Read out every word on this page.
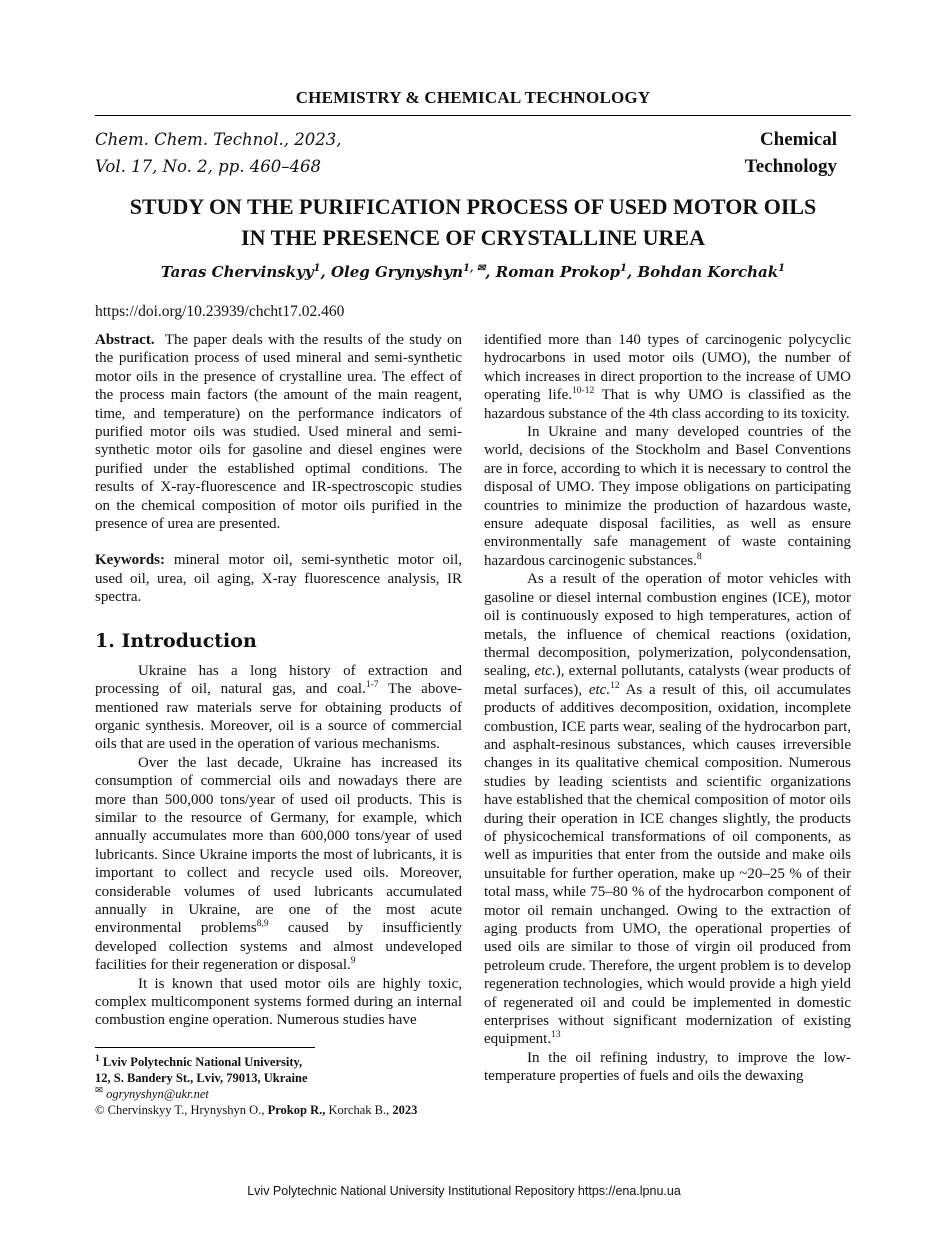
CHEMISTRY & CHEMICAL TECHNOLOGY
Chem. Chem. Technol., 2023,
Vol. 17, No. 2, pp. 460–468
Chemical
Technology
STUDY ON THE PURIFICATION PROCESS OF USED MOTOR OILS
IN THE PRESENCE OF CRYSTALLINE UREA
Taras Chervinskyy$^1$, Oleg Grynyshyn$^{1, ✉}$, Roman Prokop$^1$, Bohdan Korchak$^1$
https://doi.org/10.23939/chcht17.02.460

Abstract. The paper deals with the results of the study on the purification process of used mineral and semi-synthetic motor oils in the presence of crystalline urea. The effect of the process main factors (the amount of the main reagent, time, and temperature) on the performance indicators of purified motor oils was studied. Used mineral and semi-synthetic motor oils for gasoline and diesel engines were purified under the established optimal conditions. The results of X-ray-fluorescence and IR-spectroscopic studies on the chemical composition of motor oils purified in the presence of urea are presented.

Keywords: mineral motor oil, semi-synthetic motor oil, used oil, urea, oil aging, X-ray fluorescence analysis, IR spectra.

1. Introduction

Ukraine has a long history of extraction and processing of oil, natural gas, and coal.$^{1-7}$ The above-mentioned raw materials serve for obtaining products of organic synthesis. Moreover, oil is a source of commercial oils that are used in the operation of various mechanisms.

Over the last decade, Ukraine has increased its consumption of commercial oils and nowadays there are more than 500,000 tons/year of used oil products. This is similar to the resource of Germany, for example, which annually accumulates more than 600,000 tons/year of used lubricants. Since Ukraine imports the most of lubricants, it is important to collect and recycle used oils. Moreover, considerable volumes of used lubricants accumulated annually in Ukraine, are one of the most acute environmental problems$^{8,9}$ caused by insufficiently developed collection systems and almost undeveloped facilities for their regeneration or disposal.$^9$

It is known that used motor oils are highly toxic, complex multicomponent systems formed during an internal combustion engine operation. Numerous studies have

identified more than 140 types of carcinogenic polycyclic hydrocarbons in used motor oils (UMO), the number of which increases in direct proportion to the increase of UMO operating life.$^{10-12}$ That is why UMO is classified as the hazardous substance of the 4th class according to its toxicity.

In Ukraine and many developed countries of the world, decisions of the Stockholm and Basel Conventions are in force, according to which it is necessary to control the disposal of UMO. They impose obligations on participating countries to minimize the production of hazardous waste, ensure adequate disposal facilities, as well as ensure environmentally safe management of waste containing hazardous carcinogenic substances.$^8$

As a result of the operation of motor vehicles with gasoline or diesel internal combustion engines (ICE), motor oil is continuously exposed to high temperatures, action of metals, the influence of chemical reactions (oxidation, thermal decomposition, polymerization, polycondensation, sealing, etc.), external pollutants, catalysts (wear products of metal surfaces), etc.$^{12}$ As a result of this, oil accumulates products of additives decomposition, oxidation, incomplete combustion, ICE parts wear, sealing of the hydrocarbon part, and asphalt-resinous substances, which causes irreversible changes in its qualitative chemical composition. Numerous studies by leading scientists and scientific organizations have established that the chemical composition of motor oils during their operation in ICE changes slightly, the products of physicochemical transformations of oil components, as well as impurities that enter from the outside and make oils unsuitable for further operation, make up ~20–25 % of their total mass, while 75–80 % of the hydrocarbon component of motor oil remain unchanged. Owing to the extraction of aging products from UMO, the operational properties of used oils are similar to those of virgin oil produced from petroleum crude. Therefore, the urgent problem is to develop regeneration technologies, which would provide a high yield of regenerated oil and could be implemented in domestic enterprises without significant modernization of existing equipment.$^{13}$

In the oil refining industry, to improve the low-temperature properties of fuels and oils the dewaxing

$^1$ Lviv Polytechnic National University,
12, S. Bandery St., Lviv, 79013, Ukraine
✉ ogrynyshyn@ukr.net
© Chervinskyy T., Hrynyshyn O., Prokop R., Korchak B., 2023
Lviv Polytechnic National University Institutional Repository https://ena.lpnu.ua
